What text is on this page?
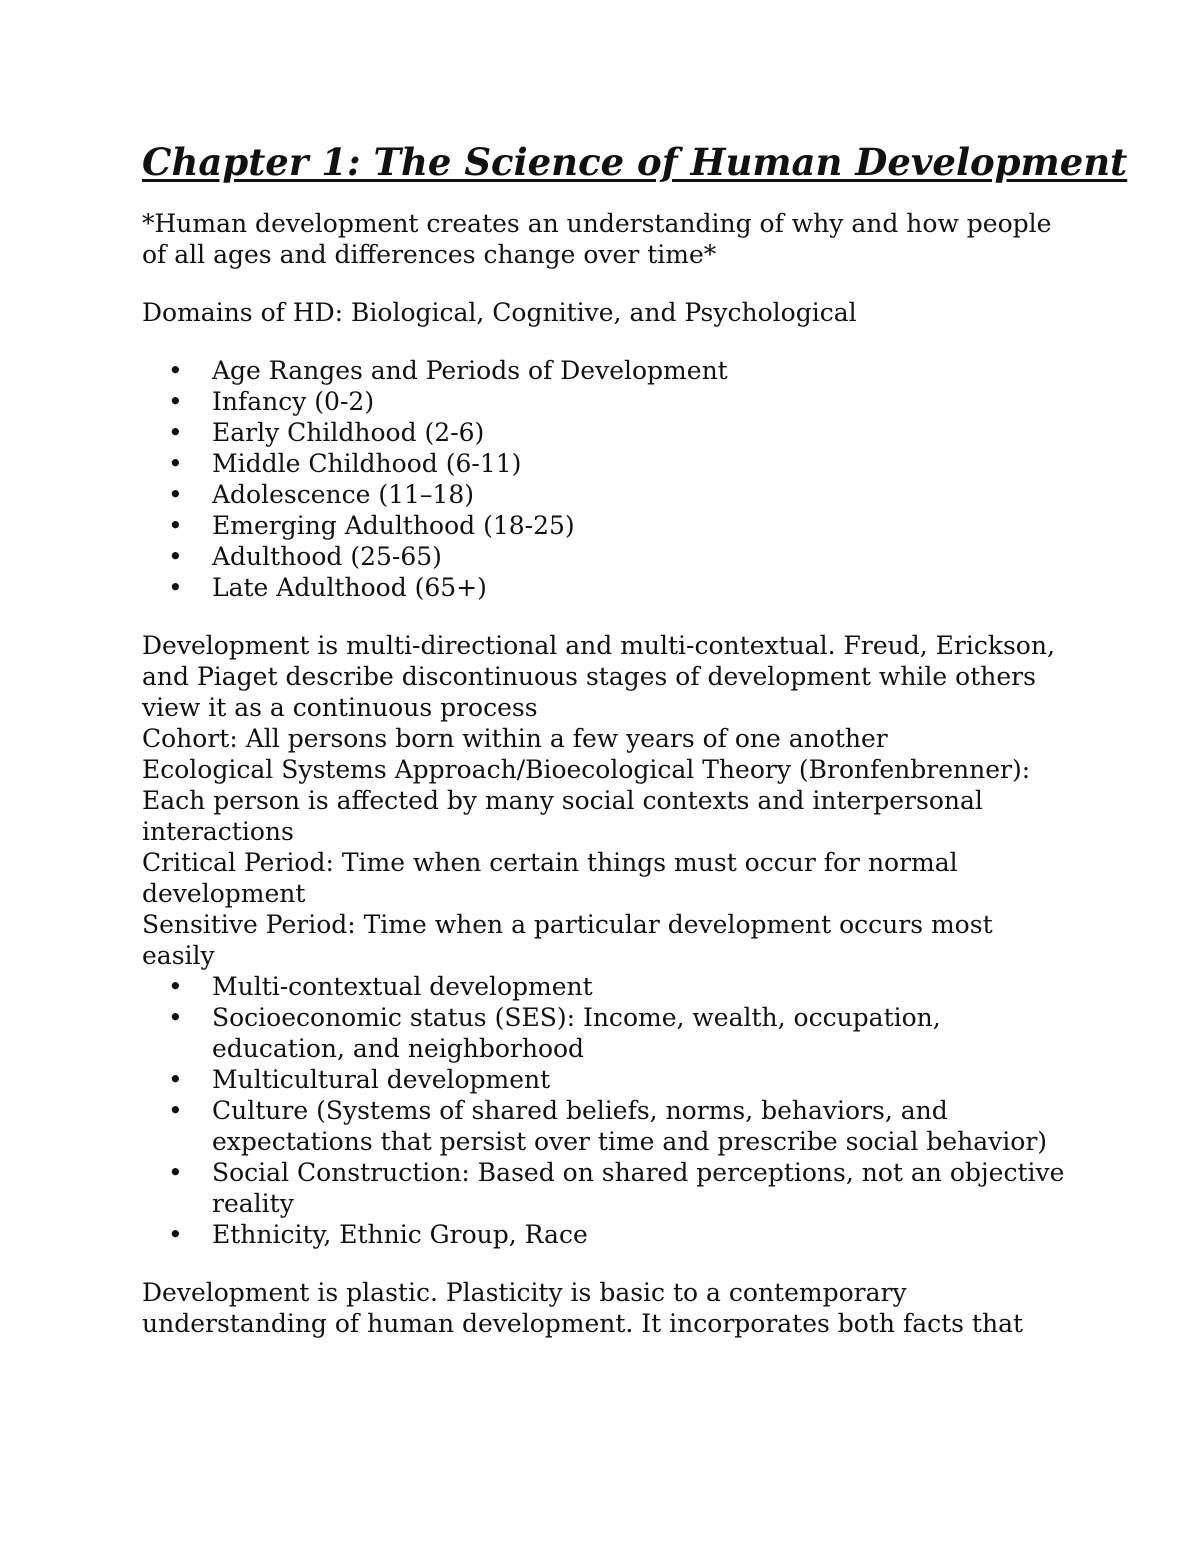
Chapter 1: The Science of Human Development

*Human development creates an understanding of why and how people of all ages and differences change over time*

Domains of HD: Biological, Cognitive, and Psychological

• Age Ranges and Periods of Development
• Infancy (0-2)
• Early Childhood (2-6)
• Middle Childhood (6-11)
• Adolescence (11–18)
• Emerging Adulthood (18-25)
• Adulthood (25-65)
• Late Adulthood (65+)

Development is multi-directional and multi-contextual. Freud, Erickson, and Piaget describe discontinuous stages of development while others view it as a continuous process

Cohort: All persons born within a few years of one another

Ecological Systems Approach/Bioecological Theory (Bronfenbrenner): Each person is affected by many social contexts and interpersonal interactions

Critical Period: Time when certain things must occur for normal development

Sensitive Period: Time when a particular development occurs most easily

• Multi-contextual development
• Socioeconomic status (SES): Income, wealth, occupation, education, and neighborhood
• Multicultural development
• Culture (Systems of shared beliefs, norms, behaviors, and expectations that persist over time and prescribe social behavior)
• Social Construction: Based on shared perceptions, not an objective reality
• Ethnicity, Ethnic Group, Race

Development is plastic. Plasticity is basic to a contemporary understanding of human development. It incorporates both facts that
